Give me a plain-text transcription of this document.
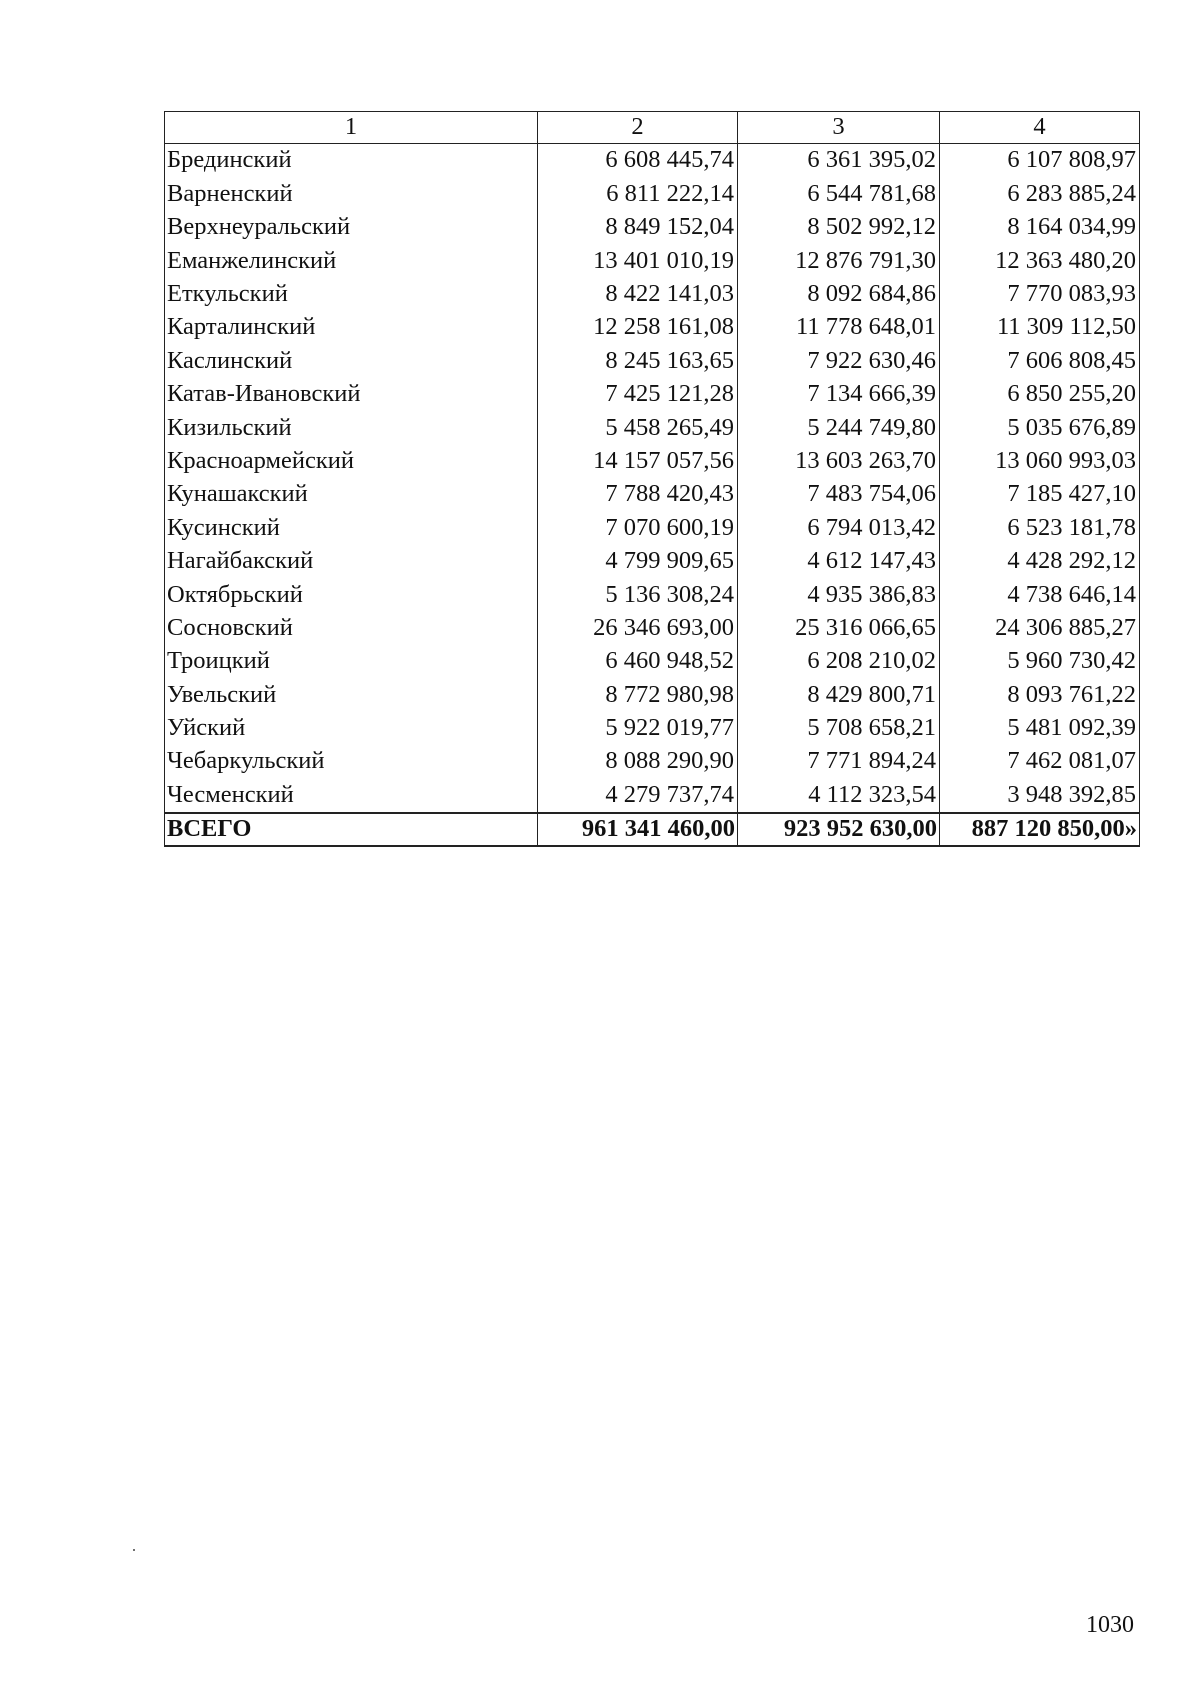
1	2	3	4
Брединский	6 608 445,74	6 361 395,02	6 107 808,97
Варненский	6 811 222,14	6 544 781,68	6 283 885,24
Верхнеуральский	8 849 152,04	8 502 992,12	8 164 034,99
Еманжелинский	13 401 010,19	12 876 791,30	12 363 480,20
Еткульский	8 422 141,03	8 092 684,86	7 770 083,93
Карталинский	12 258 161,08	11 778 648,01	11 309 112,50
Каслинский	8 245 163,65	7 922 630,46	7 606 808,45
Катав-Ивановский	7 425 121,28	7 134 666,39	6 850 255,20
Кизильский	5 458 265,49	5 244 749,80	5 035 676,89
Красноармейский	14 157 057,56	13 603 263,70	13 060 993,03
Кунашакский	7 788 420,43	7 483 754,06	7 185 427,10
Кусинский	7 070 600,19	6 794 013,42	6 523 181,78
Нагайбакский	4 799 909,65	4 612 147,43	4 428 292,12
Октябрьский	5 136 308,24	4 935 386,83	4 738 646,14
Сосновский	26 346 693,00	25 316 066,65	24 306 885,27
Троицкий	6 460 948,52	6 208 210,02	5 960 730,42
Увельский	8 772 980,98	8 429 800,71	8 093 761,22
Уйский	5 922 019,77	5 708 658,21	5 481 092,39
Чебаркульский	8 088 290,90	7 771 894,24	7 462 081,07
Чесменский	4 279 737,74	4 112 323,54	3 948 392,85
ВСЕГО	961 341 460,00	923 952 630,00	887 120 850,00»
1030
